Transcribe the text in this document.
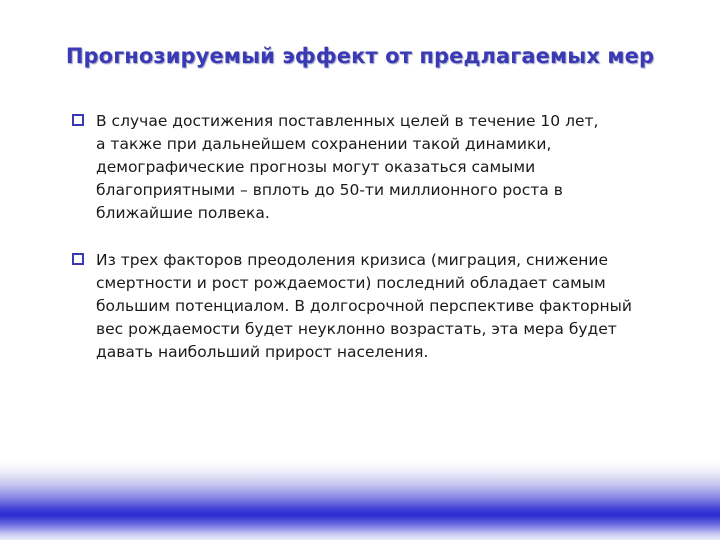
Прогнозируемый эффект от предлагаемых мер
В случае достижения поставленных целей в течение 10 лет,
а также при дальнейшем сохранении такой динамики,
демографические прогнозы могут оказаться самыми
благоприятными – вплоть до 50-ти миллионного роста в
ближайшие полвека.
Из трех факторов преодоления кризиса (миграция, снижение
смертности и рост рождаемости) последний обладает самым
большим потенциалом. В долгосрочной перспективе факторный
вес рождаемости будет неуклонно возрастать, эта мера будет
давать наибольший прирост населения.
